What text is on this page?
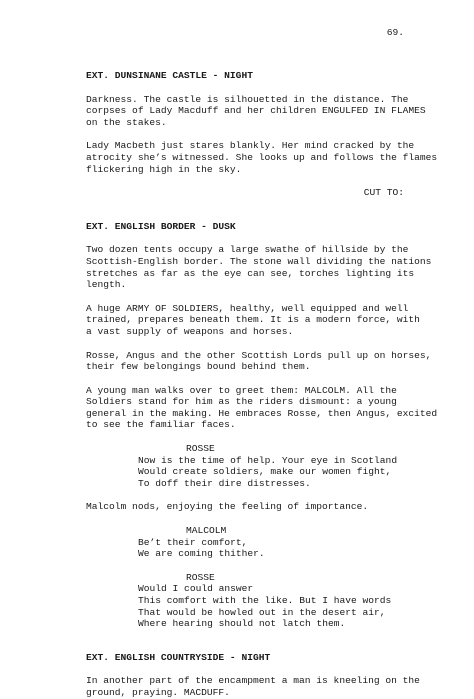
69.

EXT. DUNSINANE CASTLE - NIGHT

Darkness. The castle is silhouetted in the distance. The

corpses of Lady Macduff and her children ENGULFED IN FLAMES

on the stakes.

Lady Macbeth just stares blankly. Her mind cracked by the

atrocity she’s witnessed. She looks up and follows the flames

flickering high in the sky.

CUT TO:

EXT. ENGLISH BORDER - DUSK

Two dozen tents occupy a large swathe of hillside by the

Scottish-English border. The stone wall dividing the nations

stretches as far as the eye can see, torches lighting its

length.

A huge ARMY OF SOLDIERS, healthy, well equipped and well

trained, prepares beneath them. It is a modern force, with

a vast supply of weapons and horses.

Rosse, Angus and the other Scottish Lords pull up on horses,

their few belongings bound behind them.

A young man walks over to greet them: MALCOLM. All the

Soldiers stand for him as the riders dismount: a young

general in the making. He embraces Rosse, then Angus, excited

to see the familiar faces.

ROSSE

Now is the time of help. Your eye in Scotland

Would create soldiers, make our women fight,

To doff their dire distresses.

Malcolm nods, enjoying the feeling of importance.

MALCOLM

Be’t their comfort,

We are coming thither.

ROSSE

Would I could answer

This comfort with the like. But I have words

That would be howled out in the desert air,

Where hearing should not latch them.

EXT. ENGLISH COUNTRYSIDE - NIGHT

In another part of the encampment a man is kneeling on the

ground, praying. MACDUFF.
